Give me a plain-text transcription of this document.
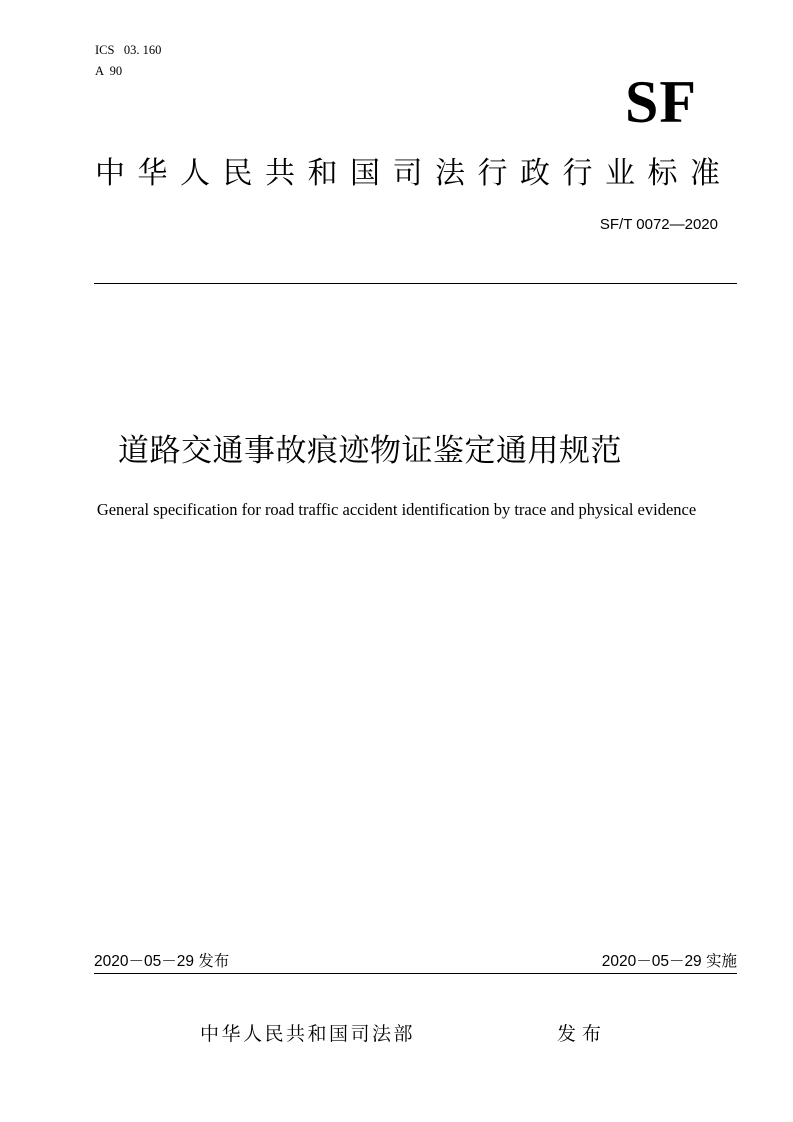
ICS   03. 160
A  90	SF
中华人民共和国司法行政行业标准
SF/T 0072—2020
道路交通事故痕迹物证鉴定通用规范
General specification for road traffic accident identification by trace and physical evidence
2020－05－29 发布	2020－05－29 实施
中华人民共和国司法部	发布
